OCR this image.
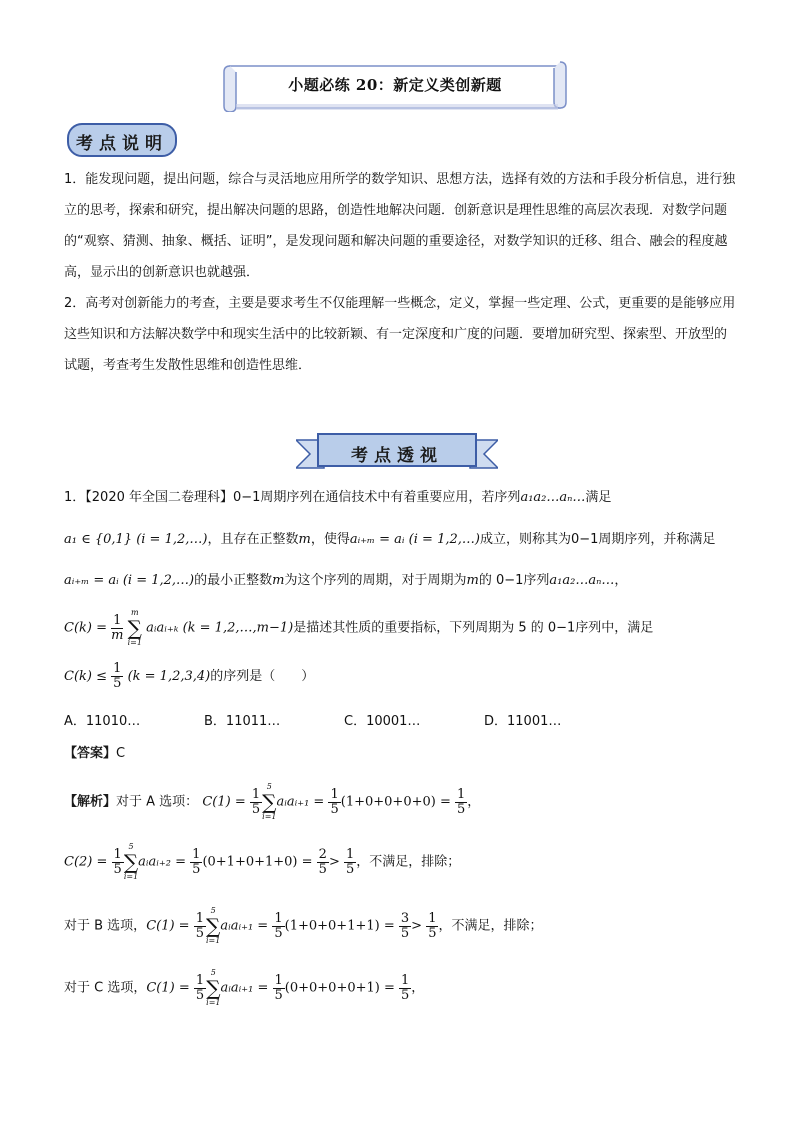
小题必练 20：新定义类创新题
考点说明
1．能发现问题，提出问题，综合与灵活地应用所学的数学知识、思想方法，选择有效的方法和手段分析信息，进行独立的思考，探索和研究，提出解决问题的思路，创造性地解决问题．创新意识是理性思维的高层次表现．对数学问题的“观察、猜测、抽象、概括、证明”，是发现问题和解决问题的重要途径，对数学知识的迁移、组合、融会的程度越高，显示出的创新意识也就越强．
2．高考对创新能力的考查，主要是要求考生不仅能理解一些概念，定义，掌握一些定理、公式，更重要的是能够应用这些知识和方法解决数学中和现实生活中的比较新颖、有一定深度和广度的问题．要增加研究型、探索型、开放型的试题，考查考生发散性思维和创造性思维．
考点透视
1．【2020 年全国二卷理科】0−1周期序列在通信技术中有着重要应用，若序列a₁a₂…aₙ…满足
a₁ ∈ {0,1} (i = 1,2,…)，且存在正整数m，使得aᵢ₊ₘ = aᵢ (i = 1,2,…)成立，则称其为0−1周期序列，并称满足
aᵢ₊ₘ = aᵢ (i = 1,2,…)的最小正整数m为这个序列的周期，对于周期为m的 0−1序列a₁a₂…aₙ…，
$C(k) = \frac{1}{m}$

m
∑
i=1
aᵢaᵢ₊ₖ (k = 1,2,…,m−1)是描述其性质的重要指标，下列周期为 5 的 0−1序列中，满足
$C(k) \le \frac{1}{5} (k = 1,2,3,4)$的序列是（　　）
A．11010…	B．11011…	C．10001…	D．11001…
【答案】C
【解析】对于 A 选项： $C(1) = \frac{1}{5}$
5
∑
i=1
aᵢaᵢ₊₁ = $\frac{1}{5} (1+0+0+0+0) = \frac{1}{5}$ ，
$C(2) = \frac{1}{5}$
5
∑
i=1
aᵢaᵢ₊₂ = $\frac{1}{5} (0+1+0+1+0) = \frac{2}{5} > \frac{1}{5}$ ，不满足，排除；
对于 B 选项，$C(1) = \frac{1}{5}$
5
∑
i=1
aᵢaᵢ₊₁ = $\frac{1}{5} (1+0+0+1+1) = \frac{3}{5} > \frac{1}{5}$ ，不满足，排除；
对于 C 选项，$C(1) = \frac{1}{5}$
5
∑
i=1
aᵢaᵢ₊₁ = $\frac{1}{5} (0+0+0+0+1) = \frac{1}{5}$ ，
